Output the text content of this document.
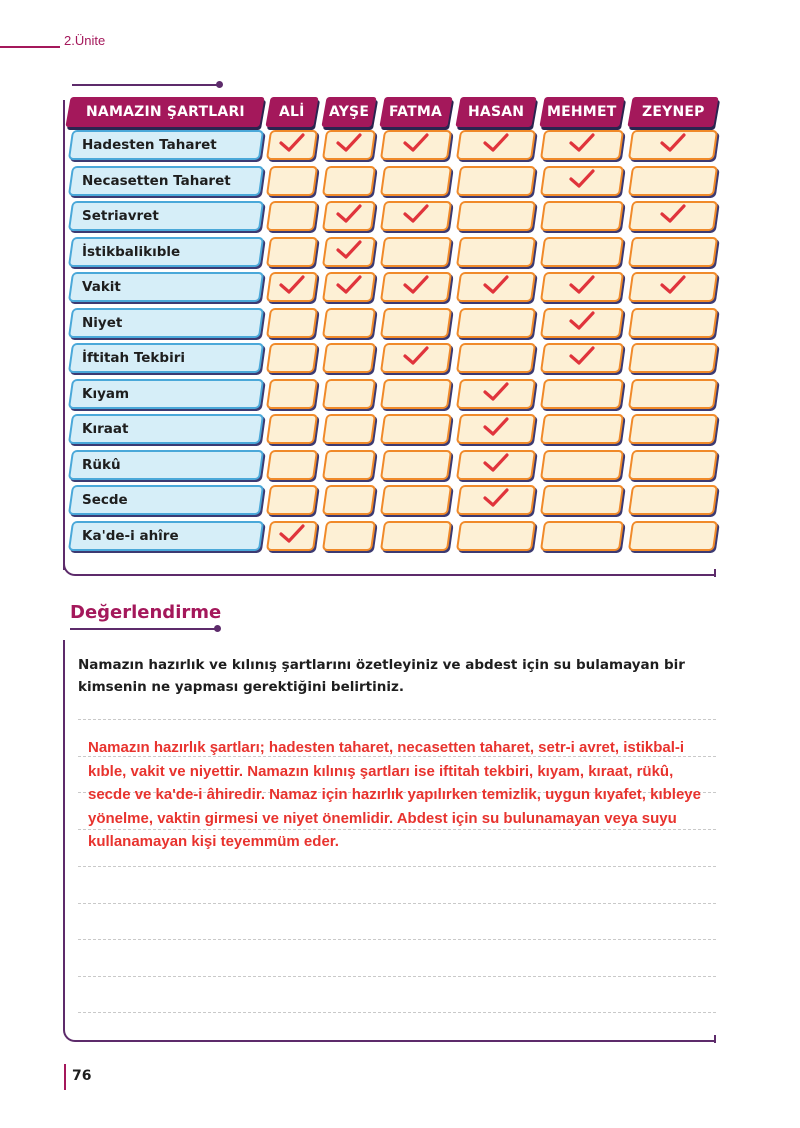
2.Ünite
NAMAZIN ŞARTLARI ALİ AYŞE FATMA HASAN MEHMET ZEYNEP
Hadesten Taharet
Necasetten Taharet
Setriavret
İstikbalikıble
Vakit
Niyet
İftitah Tekbiri
Kıyam
Kıraat
Rükû
Secde
Ka'de-i ahîre
Değerlendirme
Namazın hazırlık ve kılınış şartlarını özetleyiniz ve abdest için su bulamayan bir kimsenin ne yapması gerektiğini belirtiniz.
Namazın hazırlık şartları; hadesten taharet, necasetten taharet, setr-i avret, istikbal-i kıble, vakit ve niyettir. Namazın kılınış şartları ise iftitah tekbiri, kıyam, kıraat, rükû, secde ve ka'de-i âhiredir. Namaz için hazırlık yapılırken temizlik, uygun kıyafet, kıbleye yönelme, vaktin girmesi ve niyet önemlidir. Abdest için su bulunamayan veya suyu kullanamayan kişi teyemmüm eder.
76
